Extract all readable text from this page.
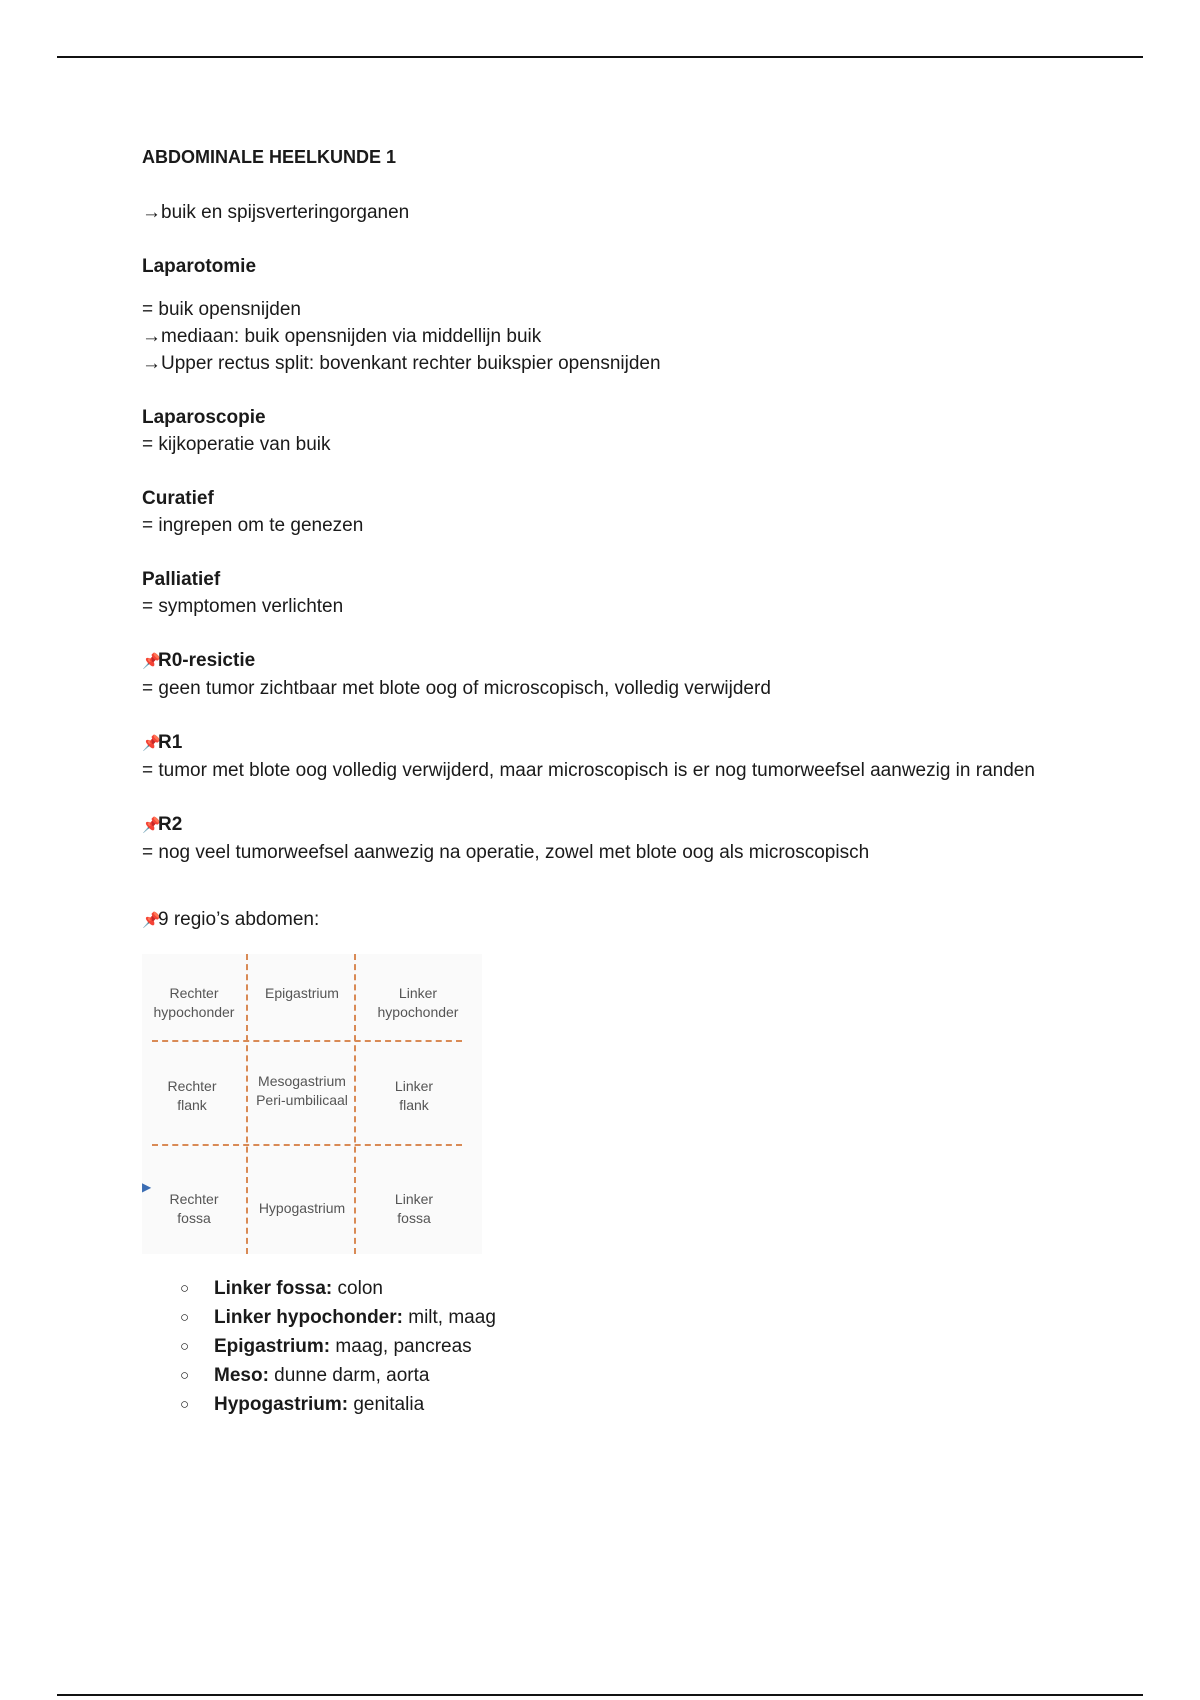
ABDOMINALE HEELKUNDE 1

→buik en spijsverteringorganen

Laparotomie

= buik opensnijden

→mediaan: buik opensnijden via middellijn buik

→Upper rectus split: bovenkant rechter buikspier opensnijden

Laparoscopie

= kijkoperatie van buik

Curatief

= ingrepen om te genezen

Palliatief

= symptomen verlichten

📌R0-resictie

= geen tumor zichtbaar met blote oog of microscopisch, volledig verwijderd

📌R1

= tumor met blote oog volledig verwijderd, maar microscopisch is er nog tumorweefsel aanwezig in randen

📌R2

= nog veel tumorweefsel aanwezig na operatie, zowel met blote oog als microscopisch

📌9 regio’s abdomen:

Rechter
hypochonder
Epigastrium	Linker
hypochonder
Rechter
flank
Mesogastrium
Peri-umbilicaal
Linker
flank
Rechter
fossa
Hypogastrium
Linker
fossa
▶
○ Linker fossa: colon
○ Linker hypochonder: milt, maag
○ Epigastrium: maag, pancreas
○ Meso: dunne darm, aorta
○ Hypogastrium: genitalia
